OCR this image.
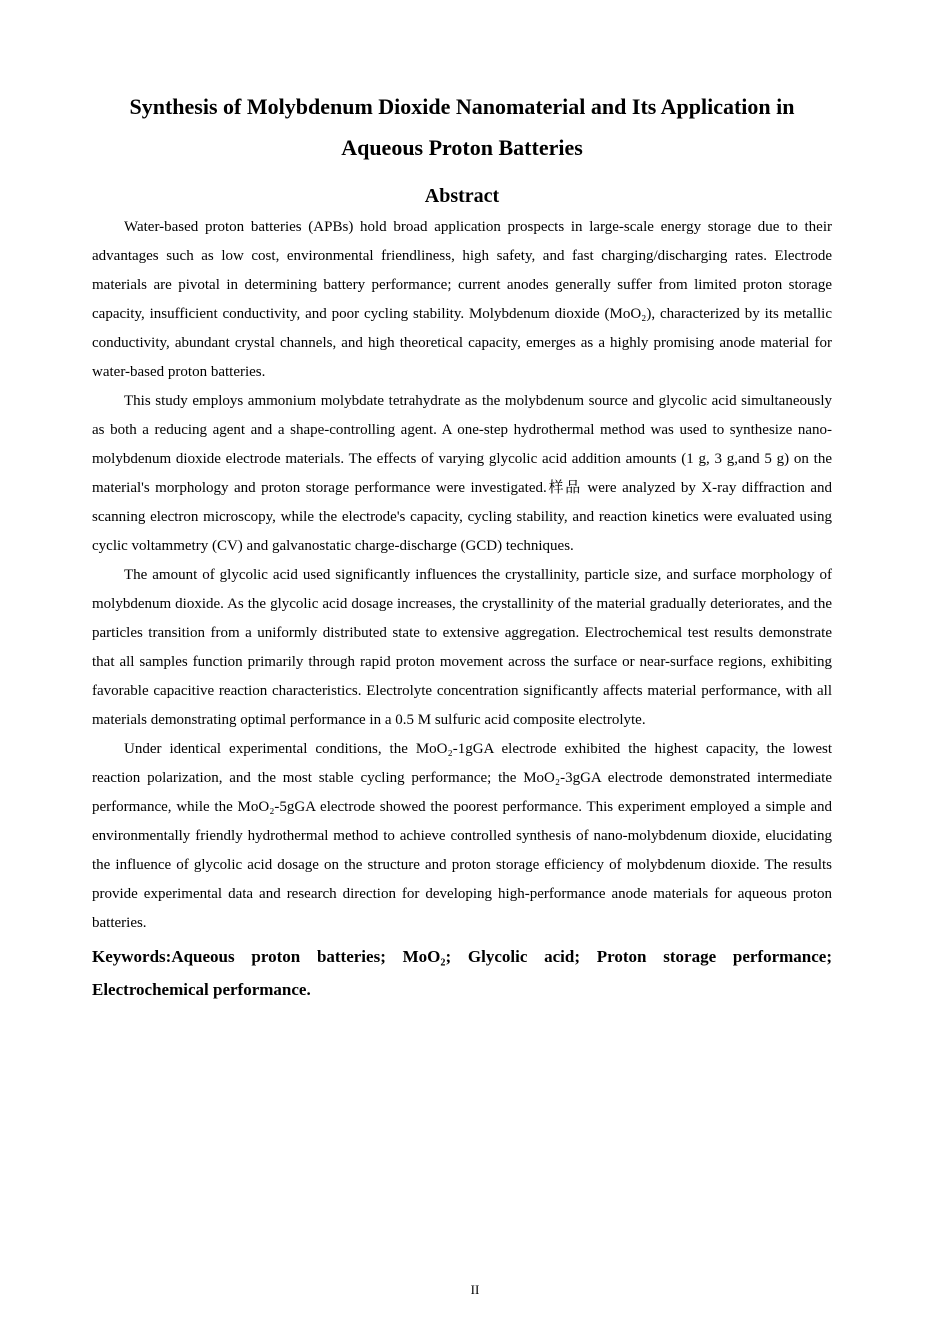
Synthesis of Molybdenum Dioxide Nanomaterial and Its Application in Aqueous Proton Batteries
Abstract

Water-based proton batteries (APBs) hold broad application prospects in large-scale energy storage due to their advantages such as low cost, environmental friendliness, high safety, and fast charging/discharging rates. Electrode materials are pivotal in determining battery performance; current anodes generally suffer from limited proton storage capacity, insufficient conductivity, and poor cycling stability. Molybdenum dioxide (MoO₂), characterized by its metallic conductivity, abundant crystal channels, and high theoretical capacity, emerges as a highly promising anode material for water-based proton batteries.

This study employs ammonium molybdate tetrahydrate as the molybdenum source and glycolic acid simultaneously as both a reducing agent and a shape-controlling agent. A one-step hydrothermal method was used to synthesize nano-molybdenum dioxide electrode materials. The effects of varying glycolic acid addition amounts (1 g, 3 g,and 5 g) on the material's morphology and proton storage performance were investigated.样品 were analyzed by X-ray diffraction and scanning electron microscopy, while the electrode's capacity, cycling stability, and reaction kinetics were evaluated using cyclic voltammetry (CV) and galvanostatic charge-discharge (GCD) techniques.

The amount of glycolic acid used significantly influences the crystallinity, particle size, and surface morphology of molybdenum dioxide. As the glycolic acid dosage increases, the crystallinity of the material gradually deteriorates, and the particles transition from a uniformly distributed state to extensive aggregation. Electrochemical test results demonstrate that all samples function primarily through rapid proton movement across the surface or near-surface regions, exhibiting favorable capacitive reaction characteristics. Electrolyte concentration significantly affects material performance, with all materials demonstrating optimal performance in a 0.5 M sulfuric acid composite electrolyte.

Under identical experimental conditions, the MoO₂-1gGA electrode exhibited the highest capacity, the lowest reaction polarization, and the most stable cycling performance; the MoO₂-3gGA electrode demonstrated intermediate performance, while the MoO₂-5gGA electrode showed the poorest performance. This experiment employed a simple and environmentally friendly hydrothermal method to achieve controlled synthesis of nano-molybdenum dioxide, elucidating the influence of glycolic acid dosage on the structure and proton storage efficiency of molybdenum dioxide. The results provide experimental data and research direction for developing high-performance anode materials for aqueous proton batteries.

Keywords:Aqueous proton batteries; MoO₂; Glycolic acid; Proton storage performance; Electrochemical performance.

II
